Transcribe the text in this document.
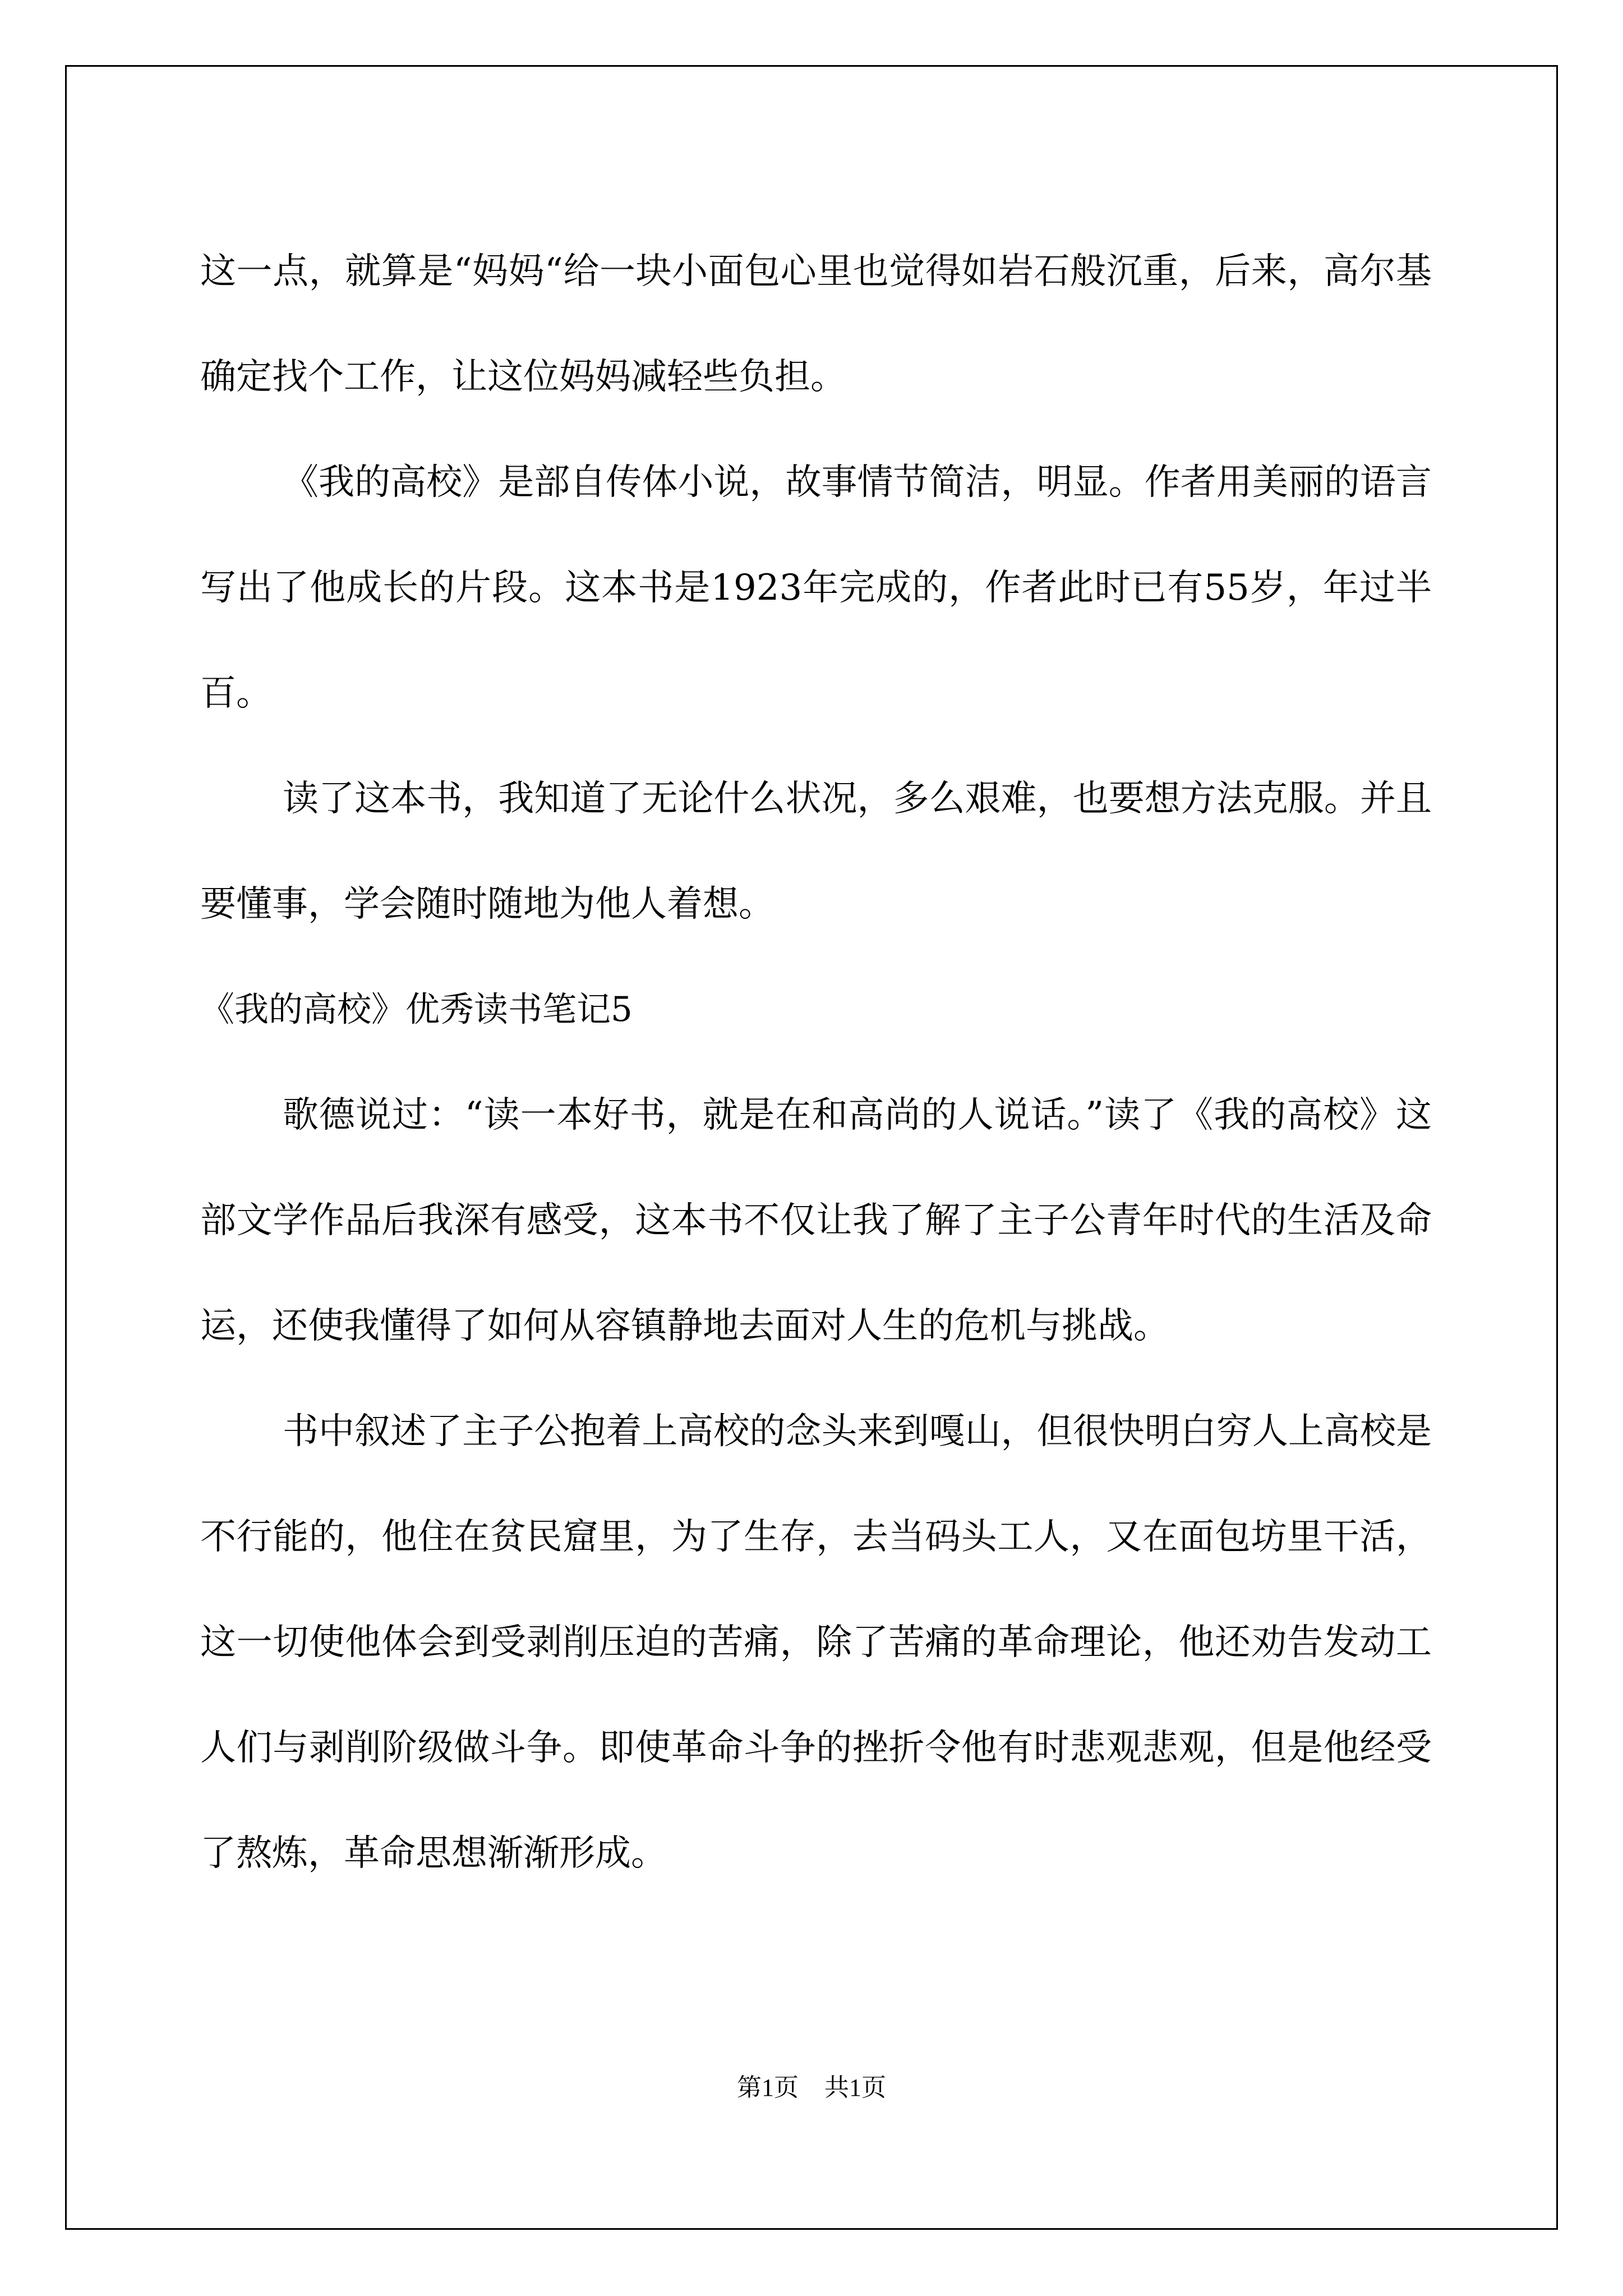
这一点，就算是“妈妈“给一块小面包心里也觉得如岩石般沉重，后来，高尔基确定找个工作，让这位妈妈减轻些负担。

《我的高校》是部自传体小说，故事情节简洁，明显。作者用美丽的语言写出了他成长的片段。这本书是1923年完成的，作者此时已有55岁，年过半百。

读了这本书，我知道了无论什么状况，多么艰难，也要想方法克服。并且要懂事，学会随时随地为他人着想。

《我的高校》优秀读书笔记5

歌德说过：“读一本好书，就是在和高尚的人说话。”读了《我的高校》这部文学作品后我深有感受，这本书不仅让我了解了主子公青年时代的生活及命运，还使我懂得了如何从容镇静地去面对人生的危机与挑战。

书中叙述了主子公抱着上高校的念头来到嘎山，但很快明白穷人上高校是不行能的，他住在贫民窟里，为了生存，去当码头工人，又在面包坊里干活，这一切使他体会到受剥削压迫的苦痛，除了苦痛的革命理论，他还劝告发动工人们与剥削阶级做斗争。即使革命斗争的挫折令他有时悲观悲观，但是他经受了熬炼，革命思想渐渐形成。

第1页 共1页
